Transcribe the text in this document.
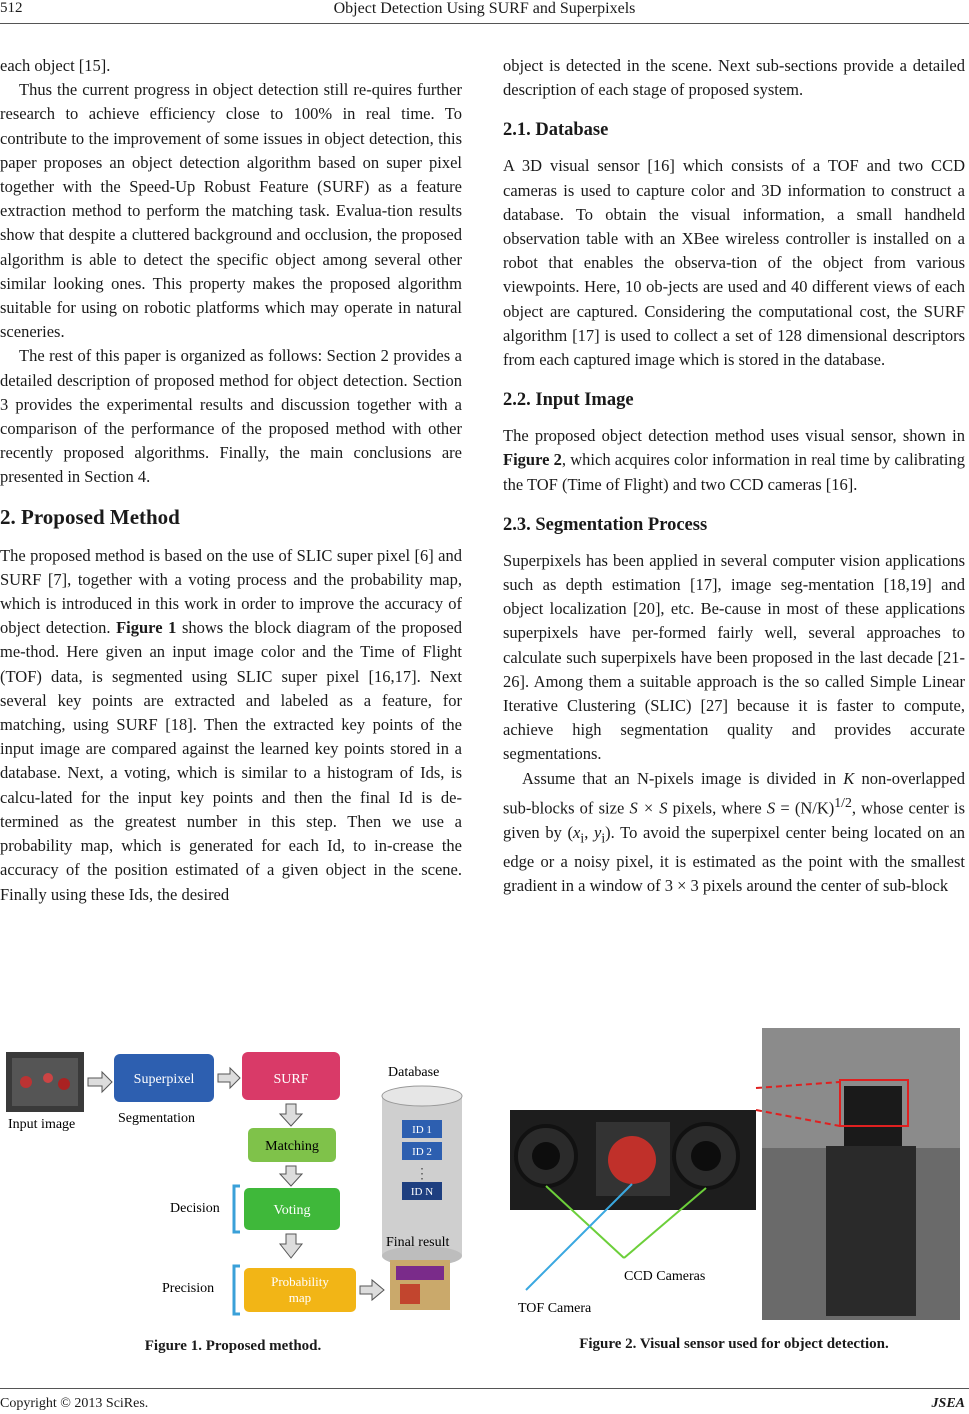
512	Object Detection Using SURF and Superpixels

each object [15].

Thus the current progress in object detection still re-quires further research to achieve efficiency close to 100% in real time. To contribute to the improvement of some issues in object detection, this paper proposes an object detection algorithm based on super pixel together with the Speed-Up Robust Feature (SURF) as a feature extraction method to perform the matching task. Evalua-tion results show that despite a cluttered background and occlusion, the proposed algorithm is able to detect the specific object among several other similar looking ones. This property makes the proposed algorithm suitable for using on robotic platforms which may operate in natural sceneries.

The rest of this paper is organized as follows: Section 2 provides a detailed description of proposed method for object detection. Section 3 provides the experimental results and discussion together with a comparison of the performance of the proposed method with other recently proposed algorithms. Finally, the main conclusions are presented in Section 4.

2. Proposed Method

The proposed method is based on the use of SLIC super pixel [6] and SURF [7], together with a voting process and the probability map, which is introduced in this work in order to improve the accuracy of object detection. Figure 1 shows the block diagram of the proposed me-thod. Here given an input image color and the Time of Flight (TOF) data, is segmented using SLIC super pixel [16,17]. Next several key points are extracted and labeled as a feature, for matching, using SURF [18]. Then the extracted key points of the input image are compared against the learned key points stored in a database. Next, a voting, which is similar to a histogram of Ids, is calcu-lated for the input key points and then the final Id is de-termined as the greatest number in this step. Then we use a probability map, which is generated for each Id, to in-crease the accuracy of the position estimated of a given object in the scene. Finally using these Ids, the desired

object is detected in the scene. Next sub-sections provide a detailed description of each stage of proposed system.

2.1. Database

A 3D visual sensor [16] which consists of a TOF and two CCD cameras is used to capture color and 3D information to construct a database. To obtain the visual information, a small handheld observation table with an XBee wireless controller is installed on a robot that enables the observa-tion of the object from various viewpoints. Here, 10 ob-jects are used and 40 different views of each object are captured. Considering the computational cost, the SURF algorithm [17] is used to collect a set of 128 dimensional descriptors from each captured image which is stored in the database.

2.2. Input Image

The proposed object detection method uses visual sensor, shown in Figure 2, which acquires color information in real time by calibrating the TOF (Time of Flight) and two CCD cameras [16].

2.3. Segmentation Process

Superpixels has been applied in several computer vision applications such as depth estimation [17], image seg-mentation [18,19] and object localization [20], etc. Be-cause in most of these applications superpixels have per-formed fairly well, several approaches to calculate such superpixels have been proposed in the last decade [21-26]. Among them a suitable approach is the so called Simple Linear Iterative Clustering (SLIC) [27] because it is faster to compute, achieve high segmentation quality and provides accurate segmentations.

Assume that an N-pixels image is divided in K non-overlapped sub-blocks of size S × S pixels, where $S = (N/K)^{1/2}$, whose center is given by ($x_i$, $y_i$). To avoid the superpixel center being located on an edge or a noisy pixel, it is estimated as the point with the smallest gradient in a window of 3 × 3 pixels around the center of sub-block

Input image
Superpixel
Segmentation
SURF
Matching
Database
ID 1
ID 2
⋮
ID N
Decision	Voting
Final result
Precision	Probability
map
Figure 1. Proposed method.
CCD Cameras
TOF Camera
Figure 2. Visual sensor used for object detection.
Copyright © 2013 SciRes.	JSEA
